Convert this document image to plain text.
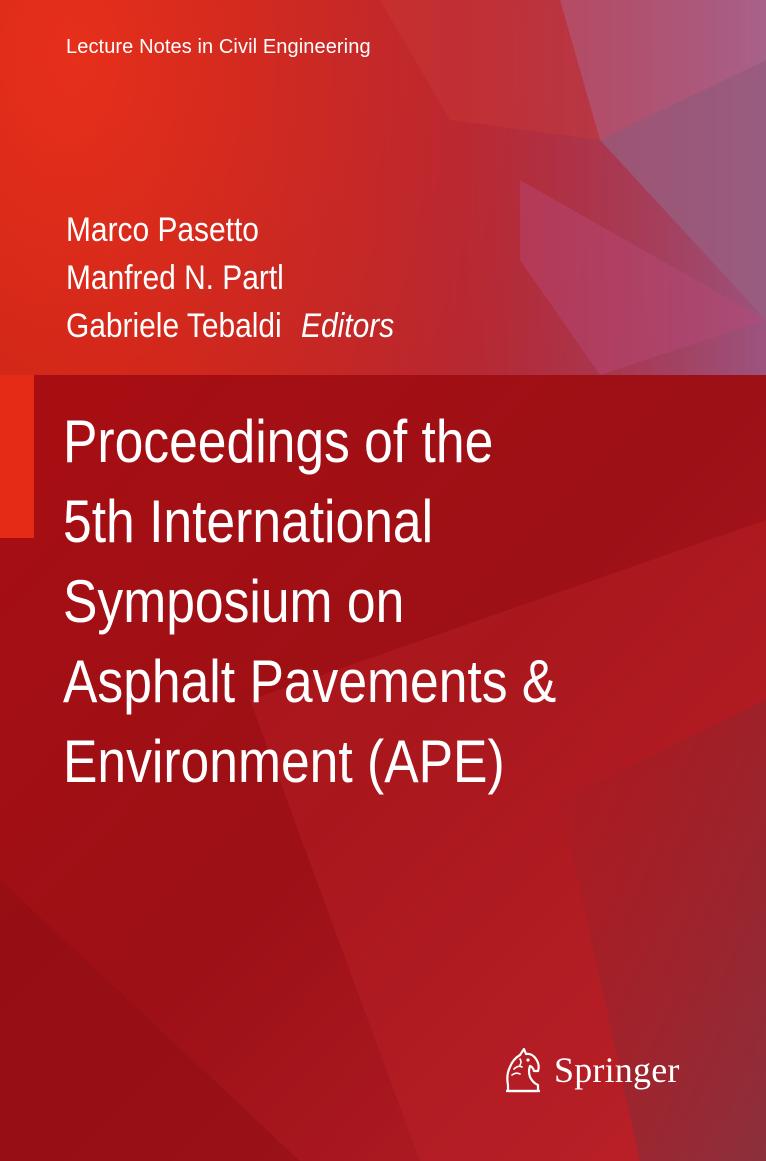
Lecture Notes in Civil Engineering

Marco Pasetto
Manfred N. Partl
Gabriele Tebaldi Editors
Proceedings of the
5th International
Symposium on
Asphalt Pavements &
Environment (APE)
Springer
